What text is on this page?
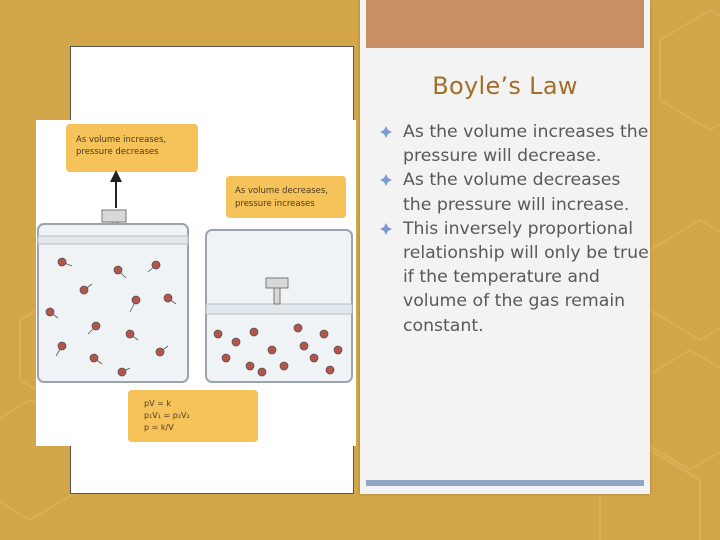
As volume increases,
pressure decreases
As volume decreases,
pressure increases
pV = k
p₁V₁ = p₂V₂
p = k/V
Boyle’s Law
As the volume increases the pressure will decrease.
As the volume decreases the pressure will increase.
This inversely proportional relationship will only be true if the temperature and volume of the gas remain constant.
